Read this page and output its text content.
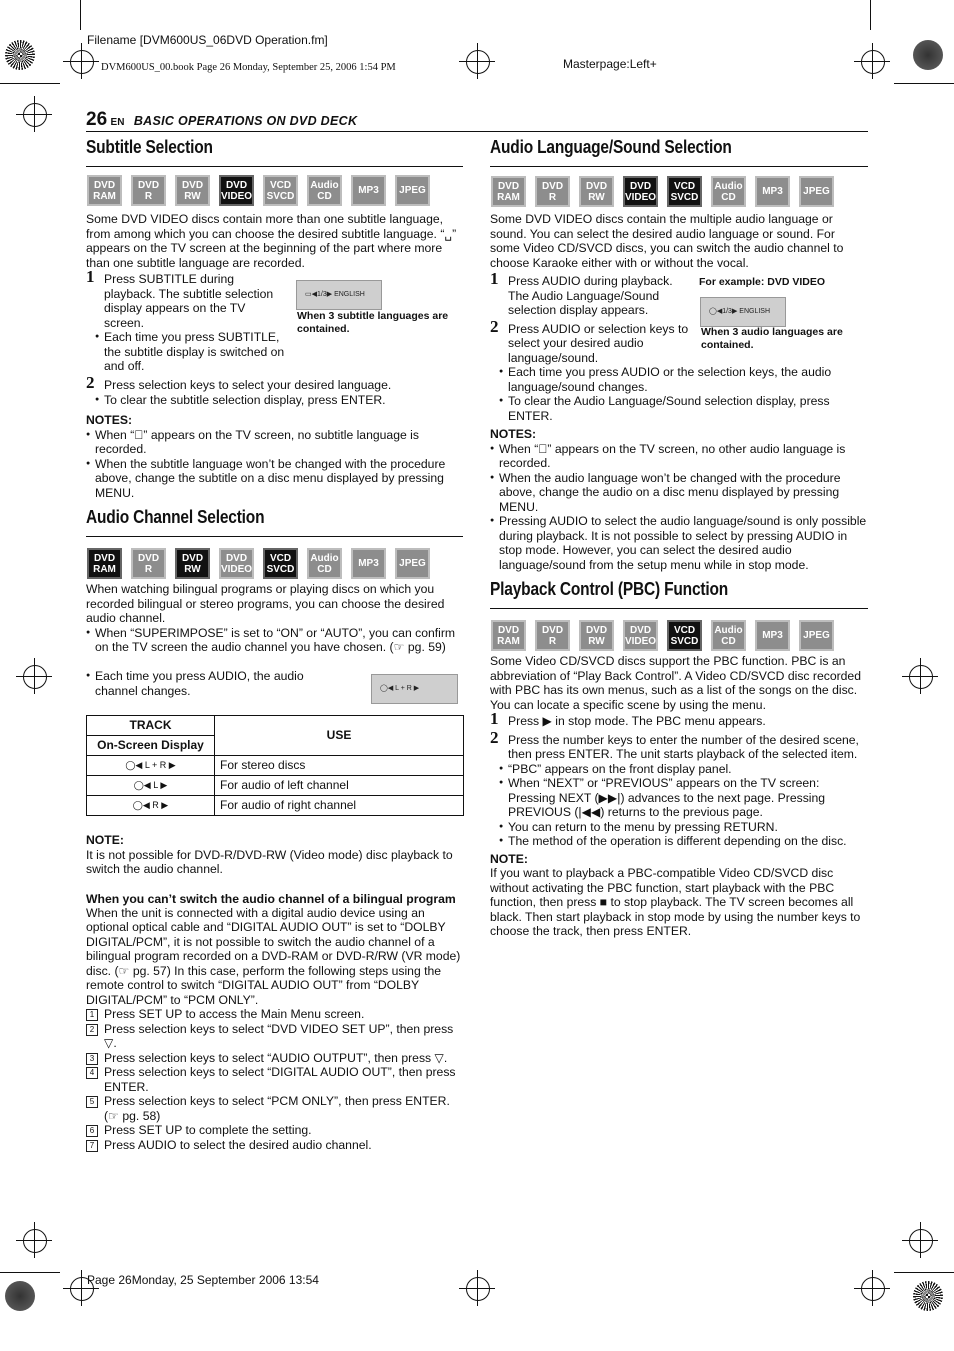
Filename [DVM600US_06DVD Operation.fm]
DVM600US_00.book Page 26 Monday, September 25, 2006 1:54 PM	Masterpage:Left+
Page 26Monday, 25 September 2006 13:54
26 EN BASIC OPERATIONS ON DVD DECK
Subtitle Selection
DVD
RAM
DVD
R
DVD
RW
DVD
VIDEO
VCD
SVCD
Audio
CD	MP3 JPEG

Some DVD VIDEO discs contain more than one subtitle language, from among which you can choose the desired subtitle language. “␣” appears on the TV screen at the beginning of the part where more than one subtitle language are recorded.

1 Press SUBTITLE during playback. The subtitle selection display appears on the TV screen.
● Each time you press SUBTITLE, the subtitle display is switched on and off.
▭◀1/3▶ ENGLISH
When 3 subtitle languages are contained.
2 Press selection keys to select your desired language.
● To clear the subtitle selection display, press ENTER.
NOTES:
● When “⃠” appears on the TV screen, no subtitle language is recorded.
● When the subtitle language won’t be changed with the procedure above, change the subtitle on a disc menu displayed by pressing MENU.
Audio Channel Selection
DVD
RAM
DVD
R
DVD
RW
DVD
VIDEO
VCD
SVCD
Audio
CD	MP3 JPEG

When watching bilingual programs or playing discs on which you recorded bilingual or stereo programs, you can choose the desired audio channel.

● When “SUPERIMPOSE” is set to “ON” or “AUTO”, you can confirm on the TV screen the audio channel you have chosen. (☞ pg. 59)
● Each time you press AUDIO, the audio channel changes.	◯◀ L + R ▶
TRACK	USE
On-Screen Display	
◯◀ L + R ▶	For stereo discs
◯◀ L ▶	For audio of left channel
◯◀ R ▶	For audio of right channel
NOTE:

It is not possible for DVD-R/DVD-RW (Video mode) disc playback to switch the audio channel.

When you can’t switch the audio channel of a bilingual program

When the unit is connected with a digital audio device using an optional optical cable and “DIGITAL AUDIO OUT” is set to “DOLBY DIGITAL/PCM”, it is not possible to switch the audio channel of a bilingual program recorded on a DVD-RAM or DVD-R/RW (VR mode) disc. (☞ pg. 57) In this case, perform the following steps using the remote control to switch “DIGITAL AUDIO OUT” from “DOLBY DIGITAL/PCM” to “PCM ONLY”.

1 Press SET UP to access the Main Menu screen.
2 Press selection keys to select “DVD VIDEO SET UP”, then press ▽.
3 Press selection keys to select “AUDIO OUTPUT”, then press ▽.
4 Press selection keys to select “DIGITAL AUDIO OUT”, then press ENTER.
5 Press selection keys to select “PCM ONLY”, then press ENTER. (☞ pg. 58)
6 Press SET UP to complete the setting.
7 Press AUDIO to select the desired audio channel.
Audio Language/Sound Selection
DVD
RAM
DVD
R
DVD
RW
DVD
VIDEO
VCD
SVCD
Audio
CD	MP3 JPEG

Some DVD VIDEO discs contain the multiple audio language or sound. You can select the desired audio language or sound. For some Video CD/SVCD discs, you can switch the audio channel to choose Karaoke either with or without the vocal.

1 Press AUDIO during playback. The Audio Language/Sound selection display appears.
2 Press AUDIO or selection keys to select your desired audio language/sound.
For example: DVD VIDEO
◯◀1/3▶ ENGLISH
When 3 audio languages are contained.
● Each time you press AUDIO or the selection keys, the audio language/sound changes.
● To clear the Audio Language/Sound selection display, press ENTER.
NOTES:
● When “⃠” appears on the TV screen, no other audio language is recorded.
● When the audio language won’t be changed with the procedure above, change the audio on a disc menu displayed by pressing MENU.
● Pressing AUDIO to select the audio language/sound is only possible during playback. It is not possible to select by pressing AUDIO in stop mode. However, you can select the desired audio language/sound from the setup menu while in stop mode.
Playback Control (PBC) Function
DVD
RAM
DVD
R
DVD
RW
DVD
VIDEO
VCD
SVCD
Audio
CD	MP3 JPEG

Some Video CD/SVCD discs support the PBC function. PBC is an abbreviation of “Play Back Control”. A Video CD/SVCD disc recorded with PBC has its own menus, such as a list of the songs on the disc. You can locate a specific scene by using the menu.

1 Press ▶ in stop mode. The PBC menu appears.
2 Press the number keys to enter the number of the desired scene, then press ENTER. The unit starts playback of the selected item.
● “PBC” appears on the front display panel.
● When “NEXT” or “PREVIOUS” appears on the TV screen: Pressing NEXT (▶▶|) advances to the next page. Pressing PREVIOUS (|◀◀) returns to the previous page.
● You can return to the menu by pressing RETURN.
● The method of the operation is different depending on the disc.
NOTE:

If you want to playback a PBC-compatible Video CD/SVCD disc without activating the PBC function, start playback with the PBC function, then press ■ to stop playback. The TV screen becomes all black. Then start playback in stop mode by using the number keys to choose the track, then press ENTER.
